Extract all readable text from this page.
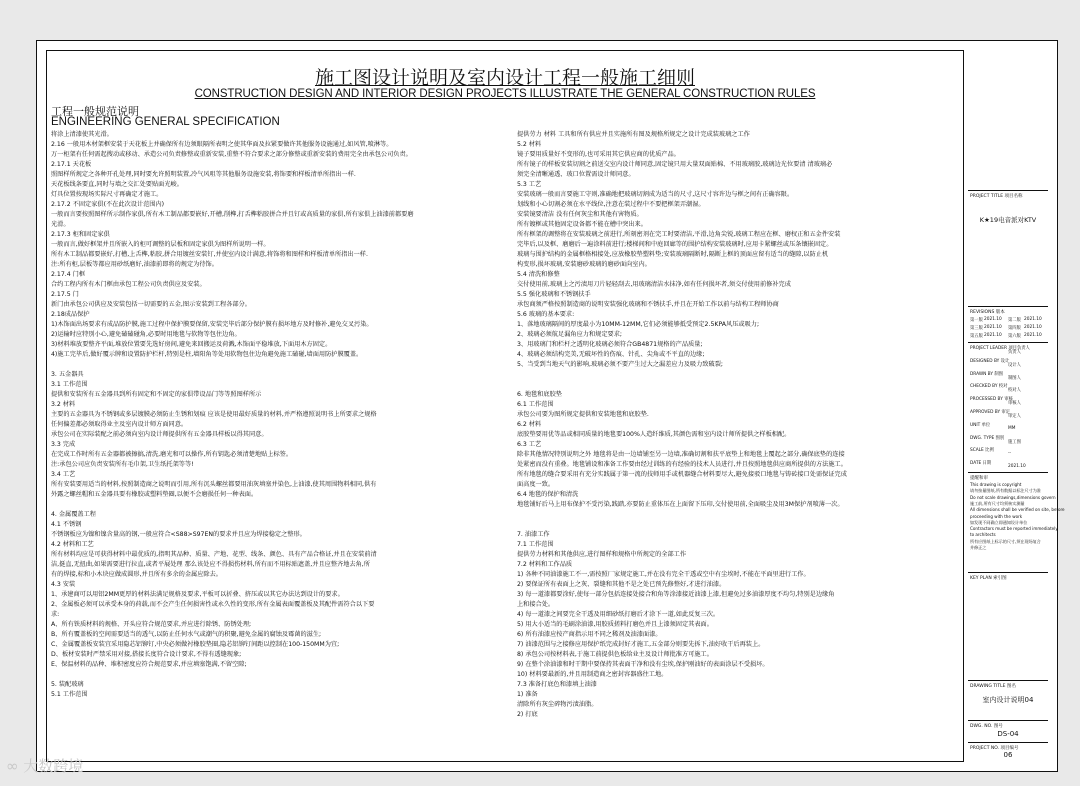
施工图设计说明及室内设计工程一般施工细则
CONSTRUCTION DESIGN AND INTERIOR DESIGN PROJECTS ILLUSTRATE THE GENERAL CONSTRUCTION RULES
工程一般规范说明
ENGINEERING GENERAL SPECIFICATION
将涂上清漆使其光滑。
2.16 一般用木材架框安装于天花板上并确保所有边须眼隔所表明之使其华面及拉紧要做许其他服务设施通过,如风管,喷淋等。
万一柜架有任何需起搜动或移动、承造公司负责修整或重新安装,重整不符合要求之部分修整或重新安装的费用完全由承包公司负责。
2.17.1 天花板
照图样所规定之各种开孔处理,同时要允许照明装置,冷气风咀等其他服务设施安装,将饰要和样板清单所指出一样.
天花板线条要直,同时与墙之交汇处要贴面光峻。
灯具位置按现场实际尺寸再确定才施工。
2.17.2 不固定家俱(不在此次设计范围内)
一般而言要按照图样所示制作家俱,所有木工制品都要嵌好,开槽,削榫,打舌榫粘胶拼合并且钉或高质量的家俱,所有家俱上油漆前都要磨
光滑。
2.17.3 柜和固定家俱
一般而言,做好框架并且所嵌入的柜可调整的层板和固定家俱为图样所说明一样。
所有木工制品都要嵌好,打槽,上舌榫,粘胶,拼合用镀丝安装钉,并使室内设计满意,将饰将和图样和样板清单所指出一样.
注:所有柜,层板等都应用砂纸磨好,油漆前即将的规定为待饰。
2.17.4 门框
合约工程内所有木门框由承包工程公司负责供应及安装。
2.17.5 门
新门由承包公司供应及安装包括一切需要的五金,图示安装到工程各部分。
2.18成品保护
1)木饰面出场要求有成品防护膜,施工过程中保护膜要保留,安装完毕后部分保护膜有损坏地方及时修补,避免交叉污染。
2)运输时应特别小心,避免磕磕碰角,必要时用地毯与软物等包住边角。
3)材料堆放要整齐平面,堆放位置要先选好房间,避免来回搬运及荷溅,木饰面平稳堆放,下面用木方固定。
4)施工完毕后,做好覆示牌和设置防护栏杆,特别是柱,墙阳角等处用软物包住边角避免施工磕碰,墙面用防护膜覆盖。
3. 五金器具
3.1 工作范围
提供和安装所有五金器具到所有固定和不固定的家俱带设品门等等照图样所示
3.2 材料
主要的五金器具为不锈钢或多层镀膜必须防止生锈和划痕 应该是使用最好质量的材料,并严格遵照说明书上所要求之规格
任何偏差都必须取得业主及室内设计师方面同意。
承包公司在实际装配之前必须向室内设计师提供所有五金器具样板以得其同意。
3.3 完成
在完成工作时所有五金器都被擦搞,清洗,磨光和可以操作,所有钥匙必须清楚地贴上标签。
注:承包公司应负责安装所有毛巾架,卫生纸托架等等!
3.4 工艺
所有安装要用适当的材料,按照制造商之说明而引用,所有沉头螺丝都要用油灰填塞并染色,上油漆,使其周围物料相同,供有
外露之螺丝帽和五金器具要有橡胶或塑料垫圈,以便不会磨损任何一种表面。
4. 金属覆盖工程
4.1 不锈钢
不锈钢板应为镍和镍含量高的钢,一般应符合<S88>S97EN的要求并且应为焊接稳定之整形。
4.2 材料和工艺
所有材料均应是可获得材料中最优质的,指明其品种、质量、产地、花型、线条、颜色、具有产品合格证,并且在安装前清
洁,挺直,无扭曲,如果需要进行拉直,或者平展处理 那么该处应不得损伤材料,所有而不用标贴遮盖,并且应整齐地去角,所
有的焊接,标和小木块应做成圆形,并且所有多余的金属应除去。
4.3 安装
1、承建商可以用铝2MM更厚的材料法满足规格及要求,平板可以折叠、挤压或以其它办法达到设计的要求。
2、金属板必须可以承受本身的荷载,而不会产生任何损害性或永久性的变形,所有金属表面覆盖板及其配件需符合以下要
求:
A、所有铁质材料的规格、开头应符合规范要求,并应进行除锈、防锈处理;
B、所有覆盖板的空间需要适当的透气,以防止任何水气或潮气的积聚,避免金属的腐蚀及霉菌的滋生;
C、金属覆盖板安装宜采用隐芯铝铆钉,中央必须做衬橡胶垫圈,隐芯铝铆钉间距以控制在100-150MM为宜;
D、板材安装时严禁采用对接,搭接长度符合设计要求,不得有透缝现象;
E、保温材料的品种、堆积密度应符合规范要求,并应填塞饱满,不留空隙;
5. 装配玻璃
5.1 工作范围
提供劳力 材料 工具和所有供应并且实施所有图及规格所规定之设计完成装玻璃之工作
5.2 材料
镜子要用质量好不变形的,也可采用其它供应商的优质产品。
所有镜子的样板安装切割之前送交室内设计师同意,固定镜只用大量双面贴棉、不用玻璃胶,玻璃边光位要清 清玻璃必
须完全清晰通透、玻口位置需设计师同意。
5.3 工艺
安装玻璃一般而言要施工守则,准确地把玻璃切割成为适当的尺寸,这尺寸容许边与框之间有正确容限。
划线和小心切割必须在水平线位,注意在装过程中不要把框架弄潮湿。
安装镜要清洁 没有任何灰尘和其他有害物质。
所有镀框或其他固定设备都不能在槽中突出来。
所有框架的调整将在安装玻璃之前进行,所刻密剂在完工时要清洁,平滑,边角尖锐,玻璃工程应在框、磨杈正和五金件安装
完毕后,以及框、磨磨后一遍涂料前进行;楼梯间和中庭回廊等的围护结构安装玻璃时,应用卡紧螺丝或压条镶嵌固定。
玻璃与围护结构的金属框格相接处,应放橡胶垫塑料垫;安装玻璃隔断时,隔断上框的顶面应留有适当的缝隙,以防止机
构变形,损坏玻璃,安装磨砂玻璃的磨砂面向室内。
5.4 清洗和修整
交付使用前,玻璃上之污渍用刀片轻轻刮去,用玻璃清洁水抹净,如有任何损坏者,须交付使用前修补完成
5.5 强化玻璃和不锈钢扶手
承包商须严格按照制造商的说明安装强化玻璃和不锈扶手,并且在开始工作以前与结构工程师协商
5.6 玻璃的基本要求:
1、落地玻璃隔间的厚度最小为10MM-12MM,它们必须能够抵受预定2.5KPA风压或吸力;
2、玻璃必须航足漏角应力和规定要求;
3、用玻璃门和栏杆之透明化玻璃必须符合GB4871规格的产品质量;
4、玻璃必须结构完美,无破坏性的伤痕、针孔、尖角或不平直的边缘;
5、当受到当地天气的影响,玻璃必须不要产生过大之漏差应力及吸力致破裂;
6. 地毯和底胶垫
6.1 工作范围
承包公司要为图所规定提供和安装地毯和底胶垫.
6.2 材料
底胶垫要用优等品或相同质量的地毯要100%人造纤维质,其颜色需和室内设计师所提供之样板相配。
6.3 工艺
除非其他情况特别说明之外 地毯将是由一边墙铺至另一边墙,准确切割和扶平底垫上和地毯上覆起之部分,确保底垫的连接
处紧密而没有重叠。地毯铺设和准备工作要由经过训练的有经验的技术人员进行,并且按照地毯供应商所提供的方法施工。
所有地毯的缝合要采用有充分实践属于第一流的技师用手或机器缝合材料要尽大,避免接驳口地毯与铸砖接口处需保证完成
面高度一致。
6.4 地毯的保护和清洗
地毯铺好后马上用布保护不受污染,践踏,亦要防止重体压在上面留下压印,交付使用前,全面吸尘及用3M保护剂喷薄一次。
7. 油漆工作
7.1 工作范围
提供劳力材料和其他供应,进行图样和规格中所规定的全部工作
7.2 材料和工作品质
1) 各种不同油漆施工不一,需按照厂家规定施工,并在没有完全干透或空中有尘埃时,不能在平面里进行工作。
2) 要保证所有表面上之灰、裂缝和其他不是之处已预先修整好,才进行油漆。
3) 每一道漆都要涂好,使每一部分包括连接处接合和角等涂漆接近油漆上漆,但避免过多油漆厚度不均匀,特别是边缘角
上和接合处。
4) 每一道漆之间要完全干透及用细砂纸打磨后才涂下一道,如此反复三次。
5) 用大小适当的毛刷涂油漆,用胶质搓料打磨色并且上漆须固定其表面。
6) 所有油漆应按产商指示用不同之稀剂及油漆面漆。
7) 油漆范围与之接修应用保护纸完成封好才施工,五金部分则要先拆下,油好收干后再装上。
8) 承包公司按材料表,于施工前提供色板给业主及设计师批准方可施工。
9) 在整个涂油漆和时干期中要保持其表面干净和没有尘埃,保护刚油好的表面涂层不受损坏。
10) 材料要最新的,并且用制造商之密封容器盛往工地。
7.3 准备打底色和漆填上油漆
1) 准备
清除所有灰尘碎物污渍油脂。
2) 打底
PROJECT TITLE 项目名称
K★19电音派对KTV
REVISIONS 版本
第一版 2021.10 第二版 2021.10
第三版 2021.10 第四版 2021.10
第五版 2021.10 第六版 2021.10
PROJECT LEADER 项目负责人
负责人
DESIGNED BY 设计
设计人
DRAWN BY 制图
制图人
CHECKED BY 校对
校对人
PROCESSED BY 审核
审核人
APPROVED BY 审定
审定人
UNIT 单位
MM
DWG. TYPE 图别
施工图
SCALE 比例
--
DATE 日期
2021.10
提醒和审
This drawing is copyright
请勿按量图纸,所有数据以标注尺寸为准
Do not scale drawings,dimensions govern
施工前,所有尺寸均须核实测量
All dimensions shall be verified on site, before
proceeding with the work
如发现不同确立即通知设计单位
Contractors must be reported immediately
to architects
所有应图纸上标示的尺寸,须在现场复合
并修正之
KEY PLAN 索引图
DRAWING TITLE 图名
室内设计说明04
DWG. NO. 图号
DS-04
PROJECT NO. 项目编号
06
∞ 大数跨境
